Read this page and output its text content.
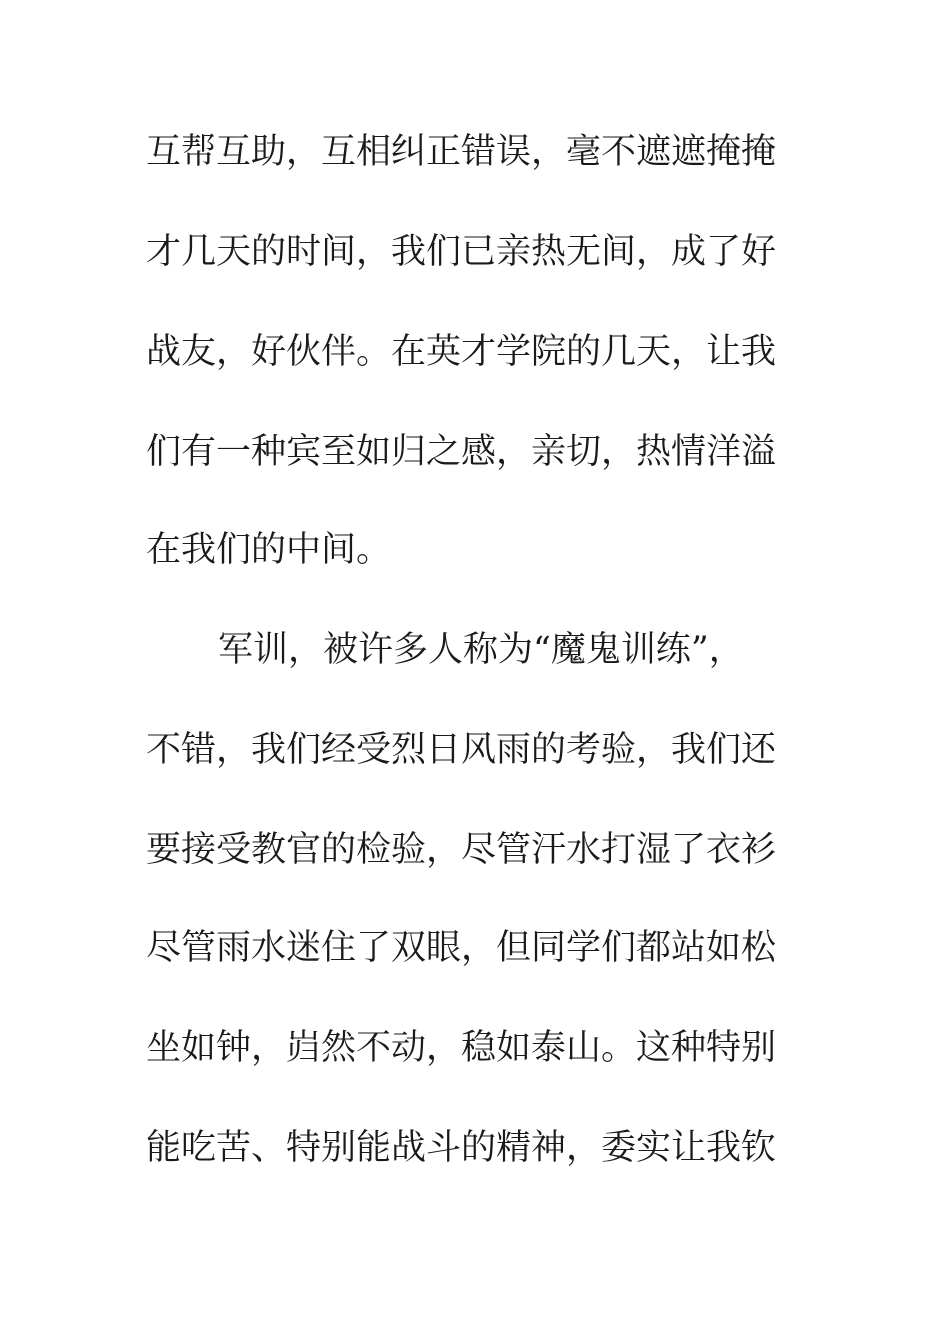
互帮互助，互相纠正错误，毫不遮遮掩掩
才几天的时间，我们已亲热无间，成了好
战友，好伙伴。在英才学院的几天，让我
们有一种宾至如归之感，亲切，热情洋溢
在我们的中间。
军训，被许多人称为“魔鬼训练”，
不错，我们经受烈日风雨的考验，我们还
要接受教官的检验，尽管汗水打湿了衣衫
尽管雨水迷住了双眼，但同学们都站如松
坐如钟，岿然不动，稳如泰山。这种特别
能吃苦、特别能战斗的精神，委实让我钦
